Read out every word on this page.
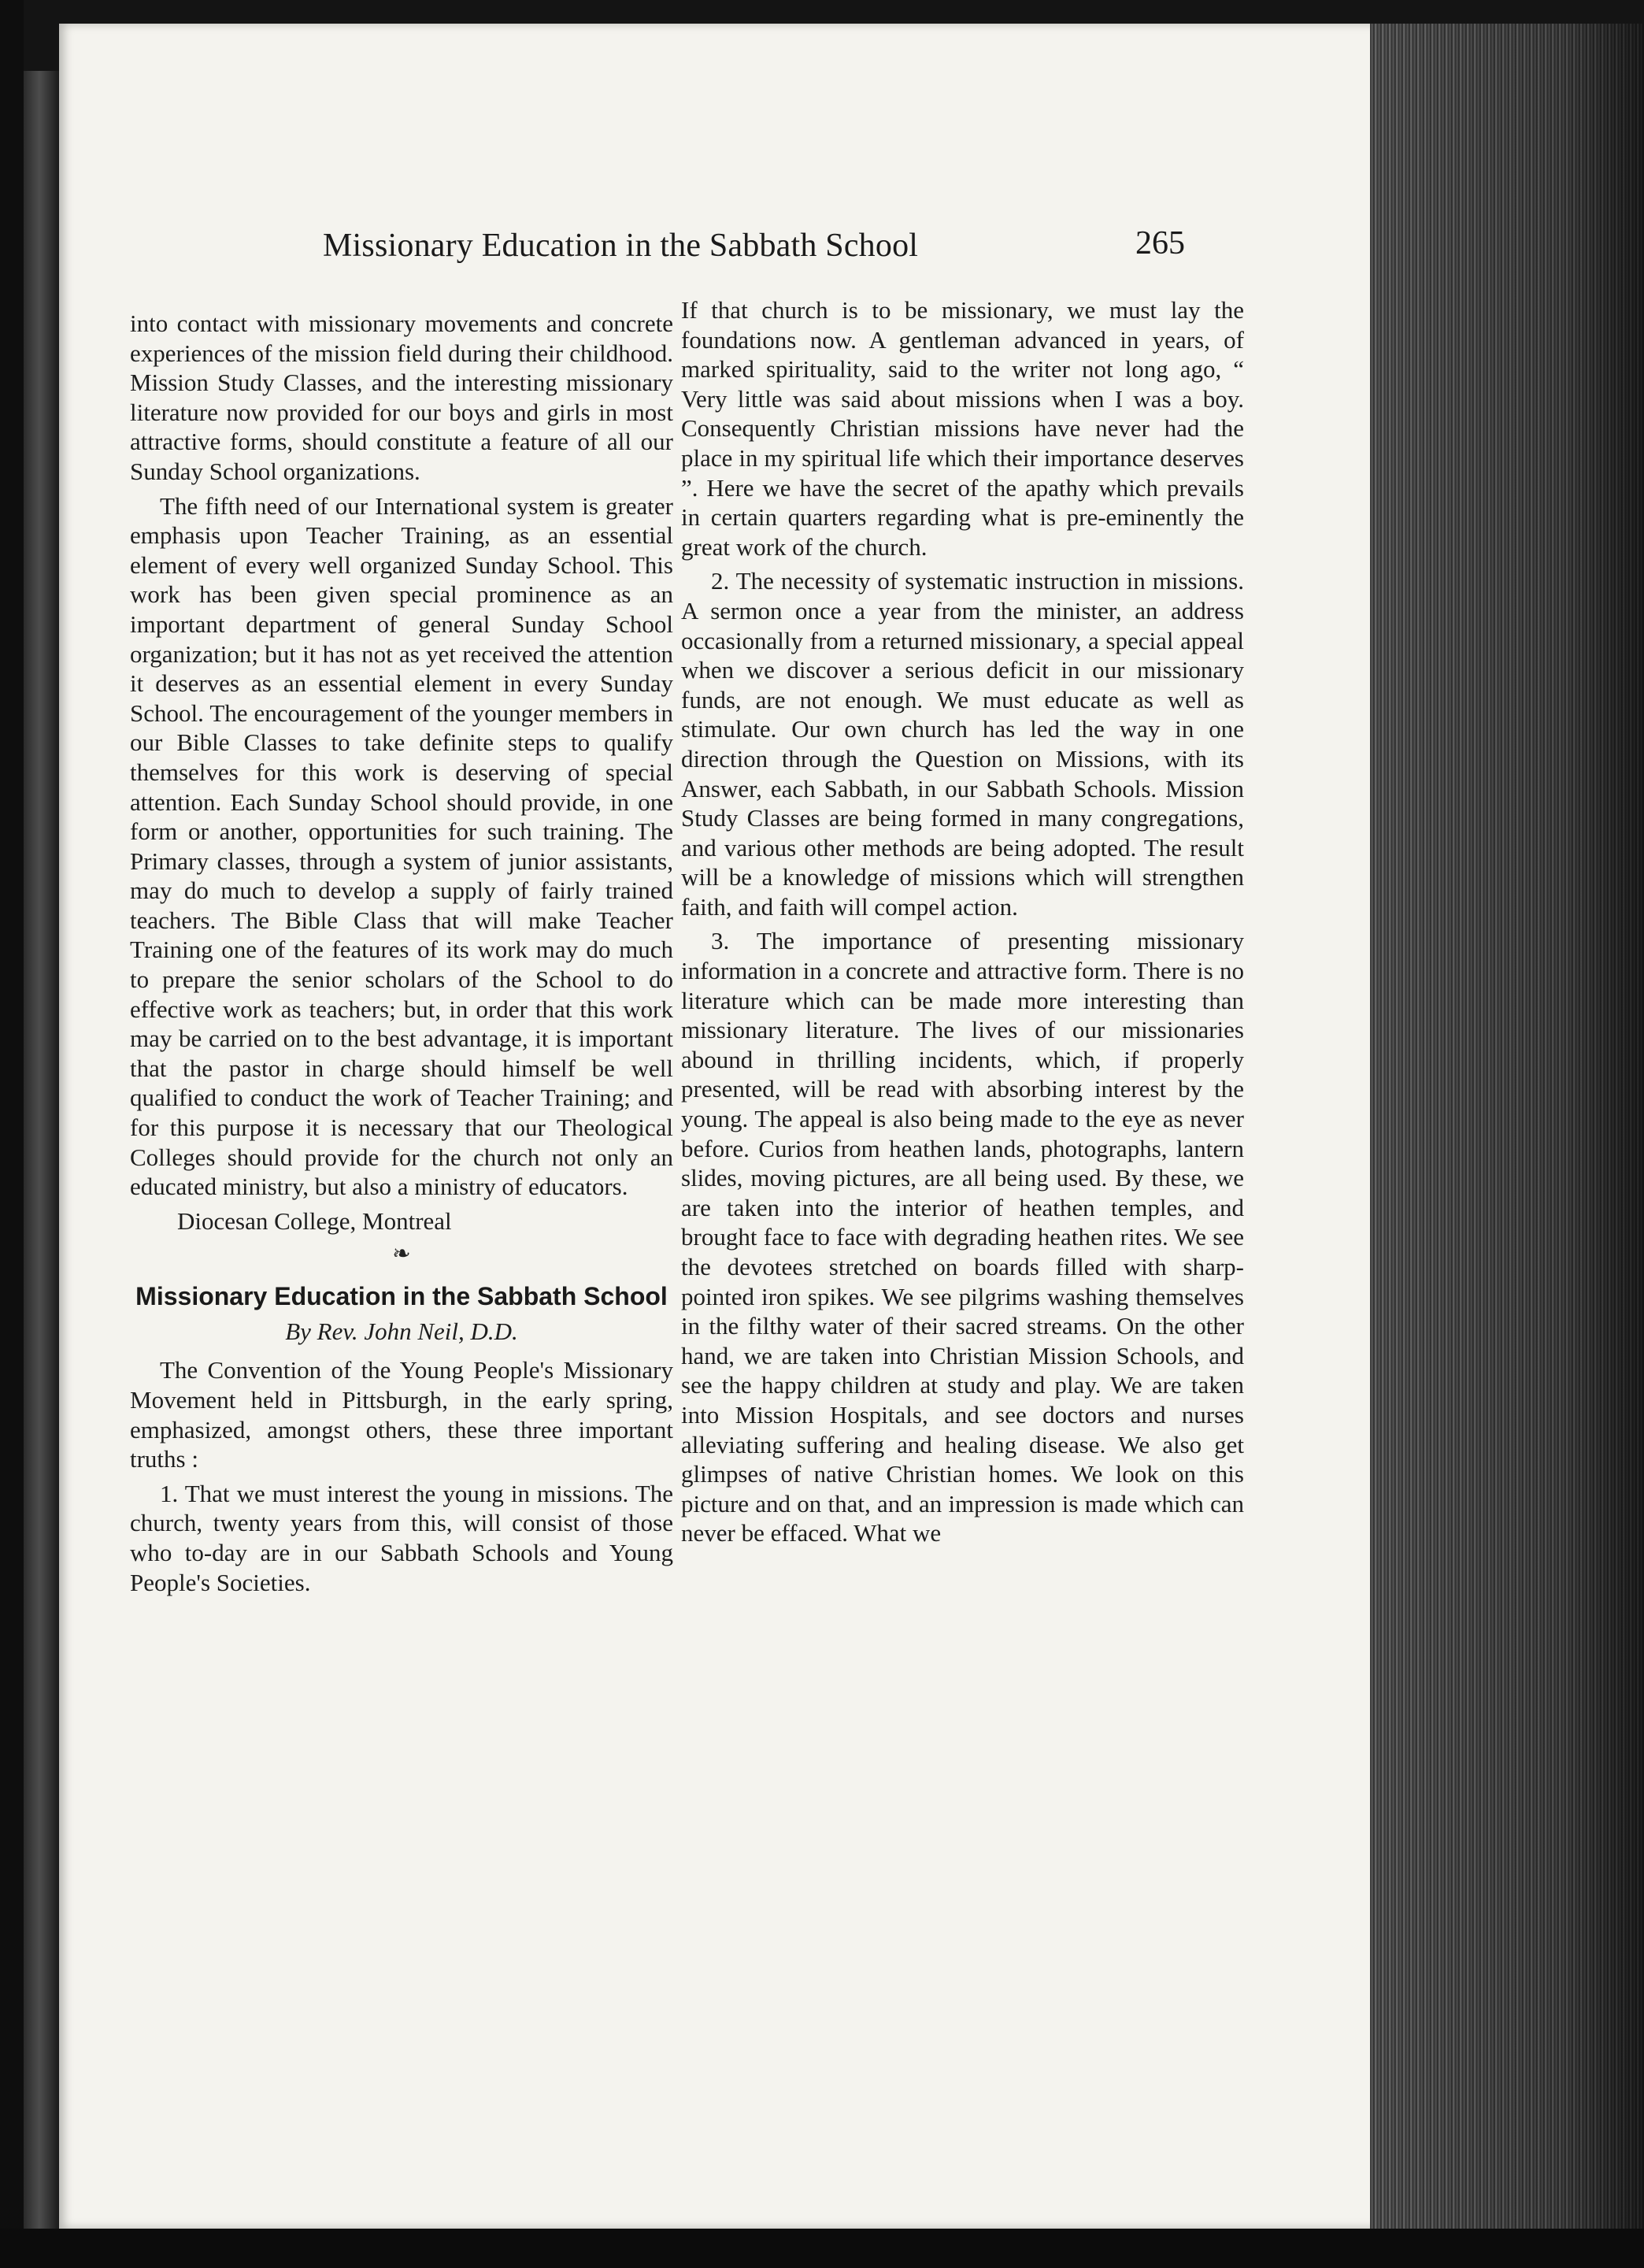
Missionary Education in the Sabbath School	265

into contact with missionary movements and concrete experiences of the mission field during their childhood. Mission Study Classes, and the interesting missionary literature now provided for our boys and girls in most attractive forms, should constitute a feature of all our Sunday School organizations.

The fifth need of our International system is greater emphasis upon Teacher Training, as an essential element of every well organized Sunday School. This work has been given special prominence as an important department of general Sunday School organization; but it has not as yet received the attention it deserves as an essential element in every Sunday School. The encouragement of the younger members in our Bible Classes to take definite steps to qualify themselves for this work is deserving of special attention. Each Sunday School should provide, in one form or another, opportunities for such training. The Primary classes, through a system of junior assistants, may do much to develop a supply of fairly trained teachers. The Bible Class that will make Teacher Training one of the features of its work may do much to prepare the senior scholars of the School to do effective work as teachers; but, in order that this work may be carried on to the best advantage, it is important that the pastor in charge should himself be well qualified to conduct the work of Teacher Training; and for this purpose it is necessary that our Theological Colleges should provide for the church not only an educated ministry, but also a ministry of educators.

Diocesan College, Montreal

❧
Missionary Education in the Sabbath School
By Rev. John Neil, D.D.

The Convention of the Young People's Missionary Movement held in Pittsburgh, in the early spring, emphasized, amongst others, these three important truths :

1. That we must interest the young in missions. The church, twenty years from this, will consist of those who to-day are in our Sabbath Schools and Young People's Societies.

If that church is to be missionary, we must lay the foundations now. A gentleman advanced in years, of marked spirituality, said to the writer not long ago, “ Very little was said about missions when I was a boy. Consequently Christian missions have never had the place in my spiritual life which their importance deserves ”. Here we have the secret of the apathy which prevails in certain quarters regarding what is pre-eminently the great work of the church.

2. The necessity of systematic instruction in missions. A sermon once a year from the minister, an address occasionally from a returned missionary, a special appeal when we discover a serious deficit in our missionary funds, are not enough. We must educate as well as stimulate. Our own church has led the way in one direction through the Question on Missions, with its Answer, each Sabbath, in our Sabbath Schools. Mission Study Classes are being formed in many congregations, and various other methods are being adopted. The result will be a knowledge of missions which will strengthen faith, and faith will compel action.

3. The importance of presenting missionary information in a concrete and attractive form. There is no literature which can be made more interesting than missionary literature. The lives of our missionaries abound in thrilling incidents, which, if properly presented, will be read with absorbing interest by the young. The appeal is also being made to the eye as never before. Curios from heathen lands, photographs, lantern slides, moving pictures, are all being used. By these, we are taken into the interior of heathen temples, and brought face to face with degrading heathen rites. We see the devotees stretched on boards filled with sharp-pointed iron spikes. We see pilgrims washing themselves in the filthy water of their sacred streams. On the other hand, we are taken into Christian Mission Schools, and see the happy children at study and play. We are taken into Mission Hospitals, and see doctors and nurses alleviating suffering and healing disease. We also get glimpses of native Christian homes. We look on this picture and on that, and an impression is made which can never be effaced. What we
